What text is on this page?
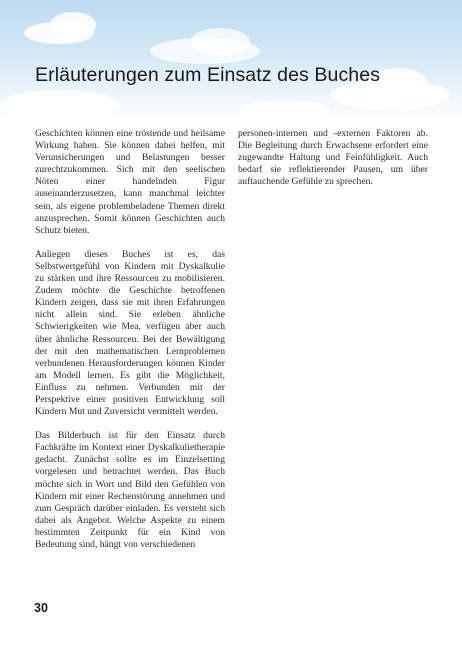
Erläuterungen zum Einsatz des Buches

Geschichten können eine tröstende und heilsame Wirkung haben. Sie können dabei helfen, mit Verunsicherungen und Belastungen besser zurechtzukommen. Sich mit den seelischen Nöten einer handelnden Figur auseinanderzusetzen, kann manchmal leichter sein, als eigene problembeladene Themen direkt anzusprechen. Somit können Geschichten auch Schutz bieten.

Anliegen dieses Buches ist es, das Selbstwertgefühl von Kindern mit Dyskalkulie zu stärken und ihre Ressourcen zu mobilisieren. Zudem möchte die Geschichte betroffenen Kindern zeigen, dass sie mit ihren Erfahrungen nicht allein sind. Sie erleben ähnliche Schwierigkeiten wie Mea, verfügen aber auch über ähnliche Ressourcen. Bei der Bewältigung der mit den mathematischen Lernproblemen verbundenen Herausforderungen können Kinder am Modell lernen. Es gibt die Möglichkeit, Einfluss zu nehmen. Verbunden mit der Perspektive einer positiven Entwicklung soll Kindern Mut und Zuversicht vermittelt werden.

Das Bilderbuch ist für den Einsatz durch Fachkräfte im Kontext einer Dyskalkulietherapie gedacht. Zunächst sollte es im Einzelsetting vorgelesen und betrachtet werden. Das Buch möchte sich in Wort und Bild den Gefühlen von Kindern mit einer Rechenstörung annehmen und zum Gespräch darüber einladen. Es versteht sich dabei als Angebot. Welche Aspekte zu einem bestimmten Zeitpunkt für ein Kind von Bedeutung sind, hängt von verschiedenen

personen-internen und -externen Faktoren ab. Die Begleitung durch Erwachsene erfordert eine zugewandte Haltung und Feinfühligkeit. Auch bedarf sie reflektierender Pausen, um über auftauchende Gefühle zu sprechen.

30
